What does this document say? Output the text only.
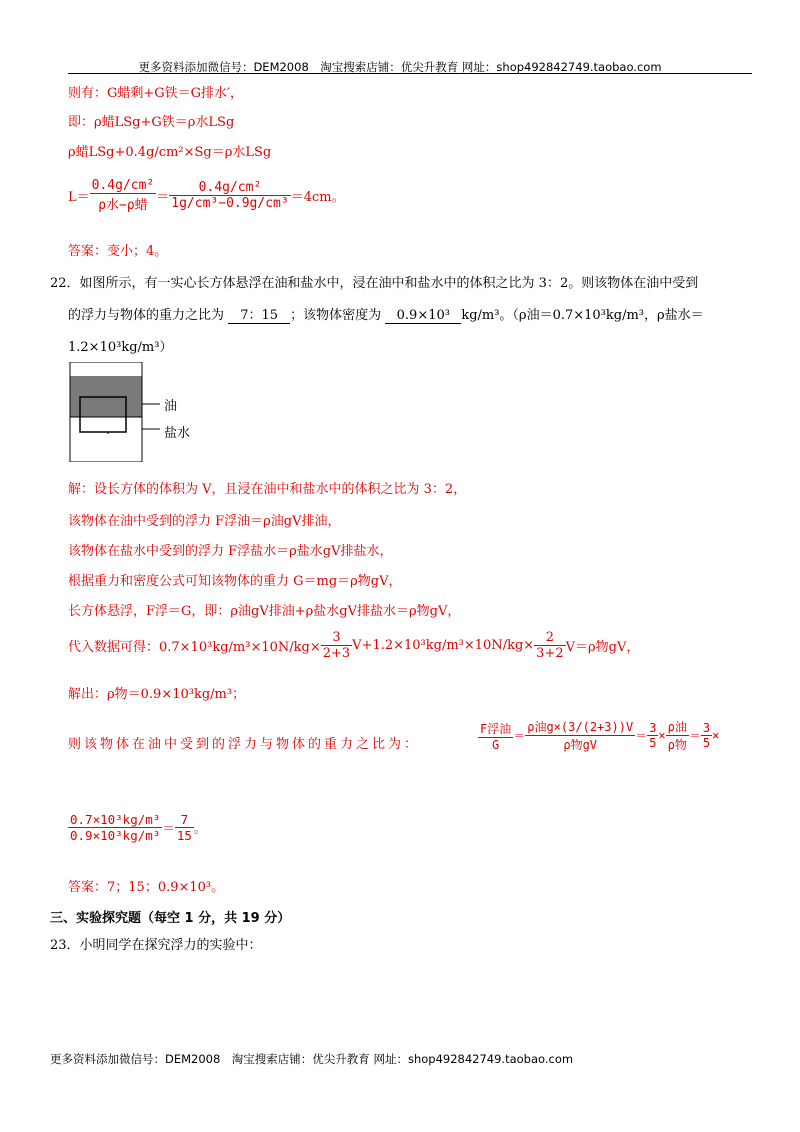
更多资料添加微信号：DEM2008　淘宝搜索店铺：优尖升教育 网址：shop492842749.taobao.com
则有：G蜡剩+G铁＝G排水′，
即：ρ蜡LSg+G铁＝ρ水LSg
ρ蜡LSg+0.4g/cm²×Sg＝ρ水LSg
$L= \frac{\text{0.4g/cm²}}{\text{ρ水−ρ蜡}} = \frac{\text{0.4g/cm²}}{\text{1g/cm³−0.9g/cm³}} =4cm$。
答案：变小；4。
22．如图所示，有一实心长方体悬浮在油和盐水中，浸在油中和盐水中的体积之比为 3：2。则该物体在油中受到
的浮力与物体的重力之比为 7：15 ；该物体密度为 0.9×10³ kg/m³。（ρ油＝0.7×10³kg/m³，ρ盐水＝
1.2×10³kg/m³）
油
盐水
解：设长方体的体积为 V，且浸在油中和盐水中的体积之比为 3：2，
该物体在油中受到的浮力 F浮油＝ρ油gV排油，
该物体在盐水中受到的浮力 F浮盐水＝ρ盐水gV排盐水，
根据重力和密度公式可知该物体的重力 G＝mg＝ρ物gV，
长方体悬浮，F浮＝G，即：ρ油gV排油+ρ盐水gV排盐水＝ρ物gV，
代入数据可得：$0.7\times 10^3kg/m^3\times 10N/kg\times \frac{3}{2+3} V+1.2\times 10^3kg/m^3\times 10N/kg\times \frac{2}{3+2} V=\rho$物gV，
解出：ρ物＝0.9×10³kg/m³；
则该物体在油中受到的浮力与物体的重力之比为：	$\frac{\text{F浮油}}{G} = \frac{\text{ρ油g×(3/(2+3))V}}{\text{ρ物gV}} = \frac{3}{5} \times \frac{\text{ρ油}}{\text{ρ物}} = \frac{3}{5}$ ×
$\frac{\text{0.7×10³kg/m³}}{\text{0.9×10³kg/m³}} = \frac{7}{15}$ 。
答案：7；15；0.9×10³。
三、实验探究题（每空 1 分，共 19 分）
23．小明同学在探究浮力的实验中：
更多资料添加微信号：DEM2008　淘宝搜索店铺：优尖升教育 网址：shop492842749.taobao.com
